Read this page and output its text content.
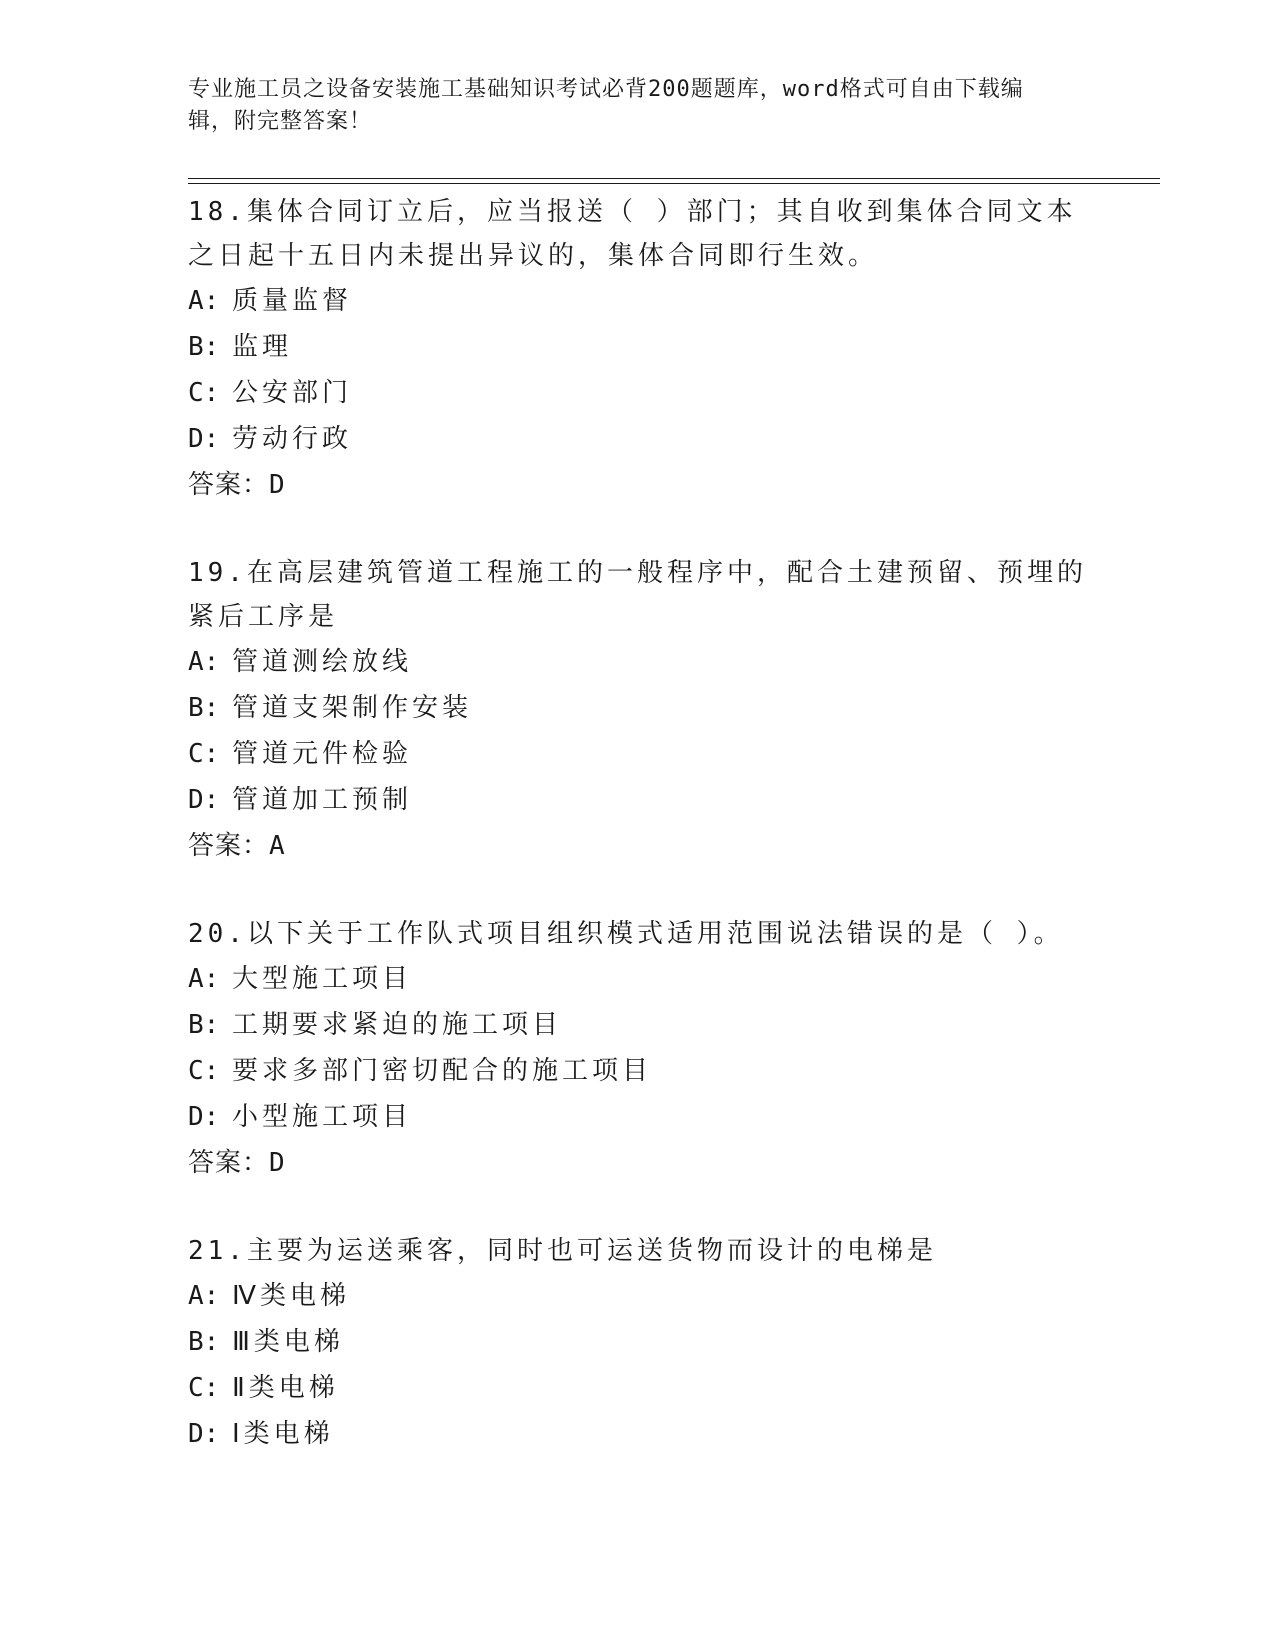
专业施工员之设备安装施工基础知识考试必背200题题库，word格式可自由下载编辑，附完整答案！

18.集体合同订立后，应当报送（ ）部门；其自收到集体合同文本之日起十五日内未提出异议的，集体合同即行生效。

A: 质量监督
B: 监理
C: 公安部门
D: 劳动行政
答案：D

19.在高层建筑管道工程施工的一般程序中，配合土建预留、预埋的紧后工序是

A: 管道测绘放线
B: 管道支架制作安装
C: 管道元件检验
D: 管道加工预制
答案：A

20.以下关于工作队式项目组织模式适用范围说法错误的是（ ）。

A: 大型施工项目
B: 工期要求紧迫的施工项目
C: 要求多部门密切配合的施工项目
D: 小型施工项目
答案：D

21.主要为运送乘客，同时也可运送货物而设计的电梯是

A: Ⅳ类电梯
B: Ⅲ类电梯
C: Ⅱ类电梯
D: Ⅰ类电梯
